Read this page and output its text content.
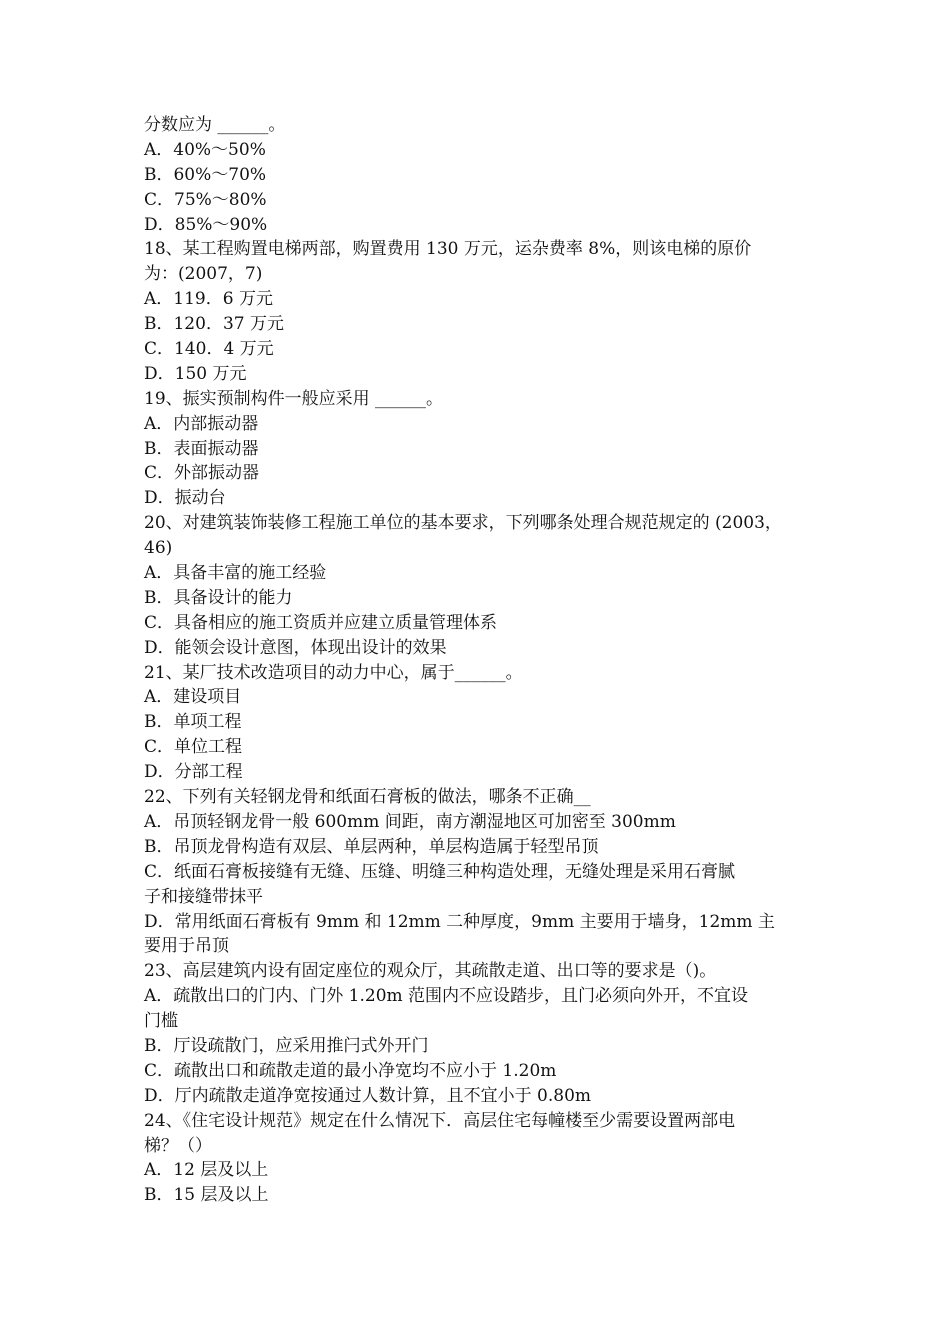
分数应为 ______。
A．40%～50%
B．60%～70%
C．75%～80%
D．85%～90%
18、某工程购置电梯两部，购置费用 130 万元，运杂费率 8%，则该电梯的原价
为：(2007，7)
A．119．6 万元
B．120．37 万元
C．140．4 万元
D．150 万元
19、振实预制构件一般应采用 ______。
A．内部振动器
B．表面振动器
C．外部振动器
D．振动台
20、对建筑装饰装修工程施工单位的基本要求，下列哪条处理合规范规定的 (2003，
46)
A．具备丰富的施工经验
B．具备设计的能力
C．具备相应的施工资质并应建立质量管理体系
D．能领会设计意图，体现出设计的效果
21、某厂技术改造项目的动力中心，属于______。
A．建设项目
B．单项工程
C．单位工程
D．分部工程
22、下列有关轻钢龙骨和纸面石膏板的做法，哪条不正确__
A．吊顶轻钢龙骨一般 600mm 间距，南方潮湿地区可加密至 300mm
B．吊顶龙骨构造有双层、单层两种，单层构造属于轻型吊顶
C．纸面石膏板接缝有无缝、压缝、明缝三种构造处理，无缝处理是采用石膏腻
子和接缝带抹平
D．常用纸面石膏板有 9mm 和 12mm 二种厚度，9mm 主要用于墙身，12mm 主
要用于吊顶
23、高层建筑内设有固定座位的观众厅，其疏散走道、出口等的要求是（)。
A．疏散出口的门内、门外 1.20m 范围内不应设踏步，且门必须向外开，不宜设
门槛
B．厅设疏散门，应采用推闩式外开门
C．疏散出口和疏散走道的最小净宽均不应小于 1.20m
D．厅内疏散走道净宽按通过人数计算，且不宜小于 0.80m
24、《住宅设计规范》规定在什么情况下．高层住宅每幢楼至少需要设置两部电
梯？（）
A．12 层及以上
B．15 层及以上
